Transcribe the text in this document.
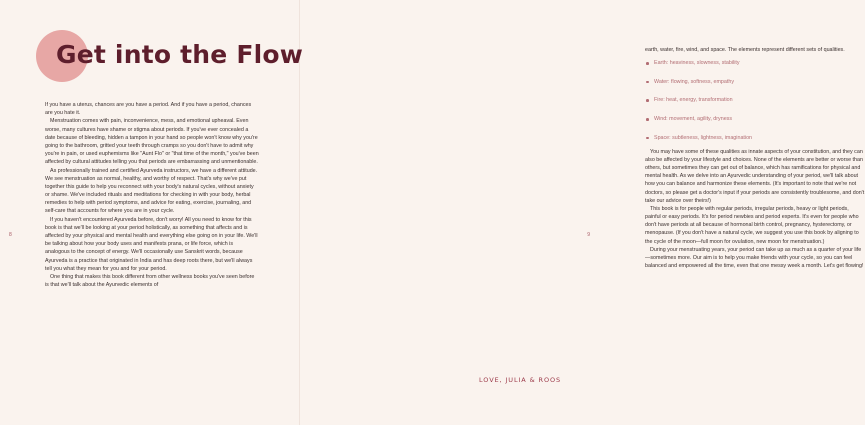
Get into the Flow

If you have a uterus, chances are you have a period. And if you have a period, chances are you hate it.

Menstruation comes with pain, inconvenience, mess, and emotional upheaval. Even worse, many cultures have shame or stigma about periods. If you've ever concealed a date because of bleeding, hidden a tampon in your hand so people won't know why you're going to the bathroom, gritted your teeth through cramps so you don't have to admit why you're in pain, or used euphemisms like "Aunt Flo" or "that time of the month," you've been affected by cultural attitudes telling you that periods are embarrassing and unmentionable.

As professionally trained and certified Ayurveda instructors, we have a different attitude. We see menstruation as normal, healthy, and worthy of respect. That's why we've put together this guide to help you reconnect with your body's natural cycles, without anxiety or shame. We've included rituals and meditations for checking in with your body, herbal remedies to help with period symptoms, and advice for eating, exercise, journaling, and self-care that accounts for where you are in your cycle.

If you haven't encountered Ayurveda before, don't worry! All you need to know for this book is that we'll be looking at your period holistically, as something that affects and is affected by your physical and mental health and everything else going on in your life. We'll be talking about how your body uses and manifests prana, or life force, which is analogous to the concept of energy. We'll occasionally use Sanskrit words, because Ayurveda is a practice that originated in India and has deep roots there, but we'll always tell you what they mean for you and for your period.

One thing that makes this book different from other wellness books you've seen before is that we'll talk about the Ayurvedic elements of

8

earth, water, fire, wind, and space. The elements represent different sets of qualities.

Earth: heaviness, slowness, stability
Water: flowing, softness, empathy
Fire: heat, energy, transformation
Wind: movement, agility, dryness
Space: subtleness, lightness, imagination

You may have some of these qualities as innate aspects of your constitution, and they can also be affected by your lifestyle and choices. None of the elements are better or worse than others, but sometimes they can get out of balance, which has ramifications for physical and mental health. As we delve into an Ayurvedic understanding of your period, we'll talk about how you can balance and harmonize these elements. (It's important to note that we're not doctors, so please get a doctor's input if your periods are consistently troublesome, and don't take our advice over theirs!)

This book is for people with regular periods, irregular periods, heavy or light periods, painful or easy periods. It's for period newbies and period experts. It's even for people who don't have periods at all because of hormonal birth control, pregnancy, hysterectomy, or menopause. (If you don't have a natural cycle, we suggest you use this book by aligning to the cycle of the moon—full moon for ovulation, new moon for menstruation.)

During your menstruating years, your period can take up as much as a quarter of your life—sometimes more. Our aim is to help you make friends with your cycle, so you can feel balanced and empowered all the time, even that one messy week a month. Let's get flowing!

9
LOVE, JULIA & ROOS
